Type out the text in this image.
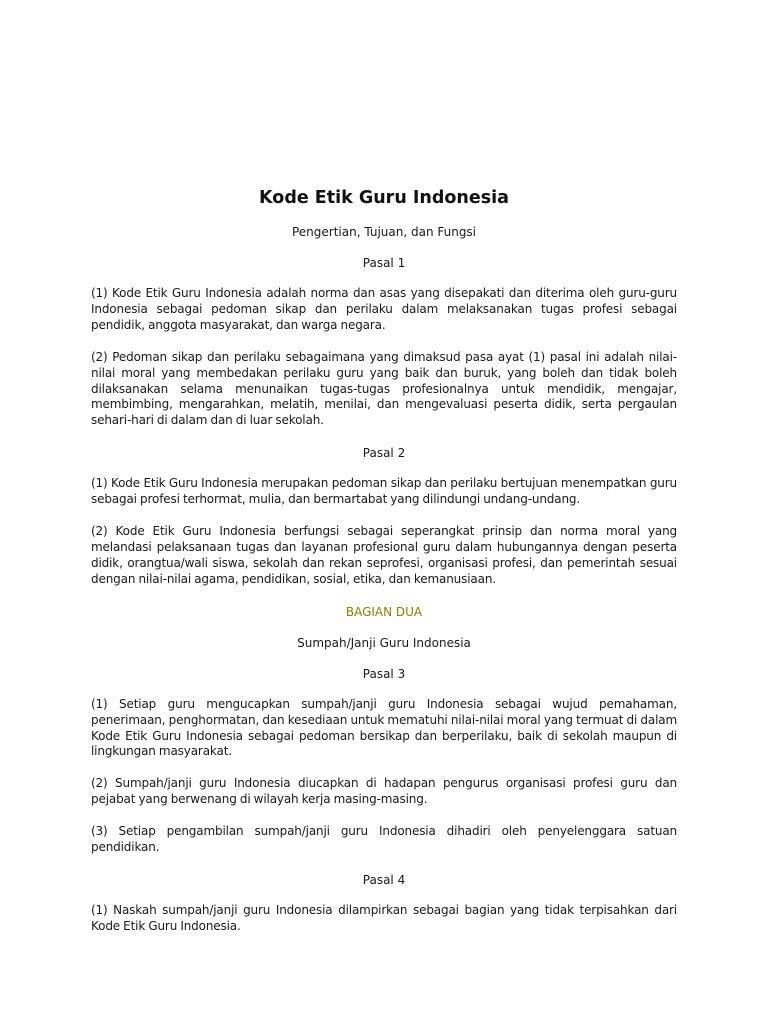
Kode Etik Guru Indonesia

Pengertian, Tujuan, dan Fungsi

Pasal 1

(1) Kode Etik Guru Indonesia adalah norma dan asas yang disepakati dan diterima oleh guru-guru Indonesia sebagai pedoman sikap dan perilaku dalam melaksanakan tugas profesi sebagai pendidik, anggota masyarakat, dan warga negara.

(2) Pedoman sikap dan perilaku sebagaimana yang dimaksud pasa ayat (1) pasal ini adalah nilai-nilai moral yang membedakan perilaku guru yang baik dan buruk, yang boleh dan tidak boleh dilaksanakan selama menunaikan tugas-tugas profesionalnya untuk mendidik, mengajar, membimbing, mengarahkan, melatih, menilai, dan mengevaluasi peserta didik, serta pergaulan sehari-hari di dalam dan di luar sekolah.

Pasal 2

(1) Kode Etik Guru Indonesia merupakan pedoman sikap dan perilaku bertujuan menempatkan guru sebagai profesi terhormat, mulia, dan bermartabat yang dilindungi undang-undang.

(2) Kode Etik Guru Indonesia berfungsi sebagai seperangkat prinsip dan norma moral yang melandasi pelaksanaan tugas dan layanan profesional guru dalam hubungannya dengan peserta didik, orangtua/wali siswa, sekolah dan rekan seprofesi, organisasi profesi, dan pemerintah sesuai dengan nilai-nilai agama, pendidikan, sosial, etika, dan kemanusiaan.

BAGIAN DUA

Sumpah/Janji Guru Indonesia

Pasal 3

(1) Setiap guru mengucapkan sumpah/janji guru Indonesia sebagai wujud pemahaman, penerimaan, penghormatan, dan kesediaan untuk mematuhi nilai-nilai moral yang termuat di dalam Kode Etik Guru Indonesia sebagai pedoman bersikap dan berperilaku, baik di sekolah maupun di lingkungan masyarakat.

(2) Sumpah/janji guru Indonesia diucapkan di hadapan pengurus organisasi profesi guru dan pejabat yang berwenang di wilayah kerja masing-masing.

(3) Setiap pengambilan sumpah/janji guru Indonesia dihadiri oleh penyelenggara satuan pendidikan.

Pasal 4

(1) Naskah sumpah/janji guru Indonesia dilampirkan sebagai bagian yang tidak terpisahkan dari Kode Etik Guru Indonesia.
